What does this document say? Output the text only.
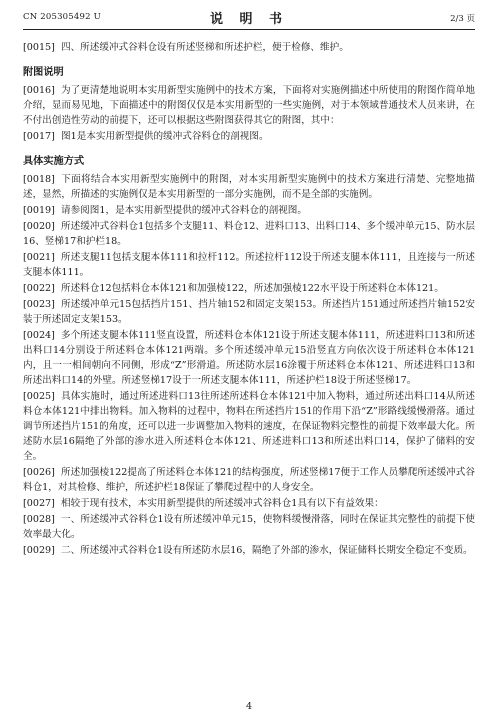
CN 205305492 U	说 明 书	2/3 页

[0015] 四、所述缓冲式谷料仓设有所述竖梯和所述护栏，便于检修、维护。

附图说明

[0016] 为了更清楚地说明本实用新型实施例中的技术方案，下面将对实施例描述中所使用的附图作简单地介绍，显而易见地，下面描述中的附图仅仅是本实用新型的一些实施例，对于本领域普通技术人员来讲，在不付出创造性劳动的前提下，还可以根据这些附图获得其它的附图，其中：

[0017] 图1是本实用新型提供的缓冲式谷料仓的剖视图。

具体实施方式

[0018] 下面将结合本实用新型实施例中的附图，对本实用新型实施例中的技术方案进行清楚、完整地描述，显然，所描述的实施例仅是本实用新型的一部分实施例，而不是全部的实施例。

[0019] 请参阅图1，是本实用新型提供的缓冲式谷料仓的剖视图。

[0020] 所述缓冲式谷料仓1包括多个支腿11、料仓12、进料口13、出料口14、多个缓冲单元15、防水层16、竖梯17和护栏18。

[0021] 所述支腿11包括支腿本体111和拉杆112。所述拉杆112设于所述支腿本体111，且连接与一所述支腿本体111。

[0022] 所述料仓12包括料仓本体121和加强棱122，所述加强棱122水平设于所述料仓本体121。

[0023] 所述缓冲单元15包括挡片151、挡片轴152和固定支架153。所述挡片151通过所述挡片轴152安装于所述固定支架153。

[0024] 多个所述支腿本体111竖直设置，所述料仓本体121设于所述支腿本体111，所述进料口13和所述出料口14分别设于所述料仓本体121两端。多个所述缓冲单元15沿竖直方向依次设于所述料仓本体121内，且一一相间朝向不同侧，形成“Z”形滑道。所述防水层16涂覆于所述料仓本体121、所述进料口13和所述出料口14的外壁。所述竖梯17设于一所述支腿本体111，所述护栏18设于所述竖梯17。

[0025] 具体实施时，通过所述进料口13往所述所述料仓本体121中加入物料，通过所述出料口14从所述料仓本体121中排出物料。加入物料的过程中，物料在所述挡片151的作用下沿“Z”形路线缓慢滑落。通过调节所述挡片151的角度，还可以进一步调整加入物料的速度，在保证物料完整性的前提下效率最大化。所述防水层16隔绝了外部的渗水进入所述料仓本体121、所述进料口13和所述出料口14，保护了储料的安全。

[0026] 所述加强棱122提高了所述料仓本体121的结构强度，所述竖梯17便于工作人员攀爬所述缓冲式谷料仓1，对其检修、维护，所述护栏18保证了攀爬过程中的人身安全。

[0027] 相较于现有技术，本实用新型提供的所述缓冲式谷料仓1具有以下有益效果：

[0028] 一、所述缓冲式谷料仓1设有所述缓冲单元15，使物料缓慢滑落，同时在保证其完整性的前提下使效率最大化。

[0029] 二、所述缓冲式谷料仓1设有所述防水层16，隔绝了外部的渗水，保证储料长期安全稳定不变质。

4
